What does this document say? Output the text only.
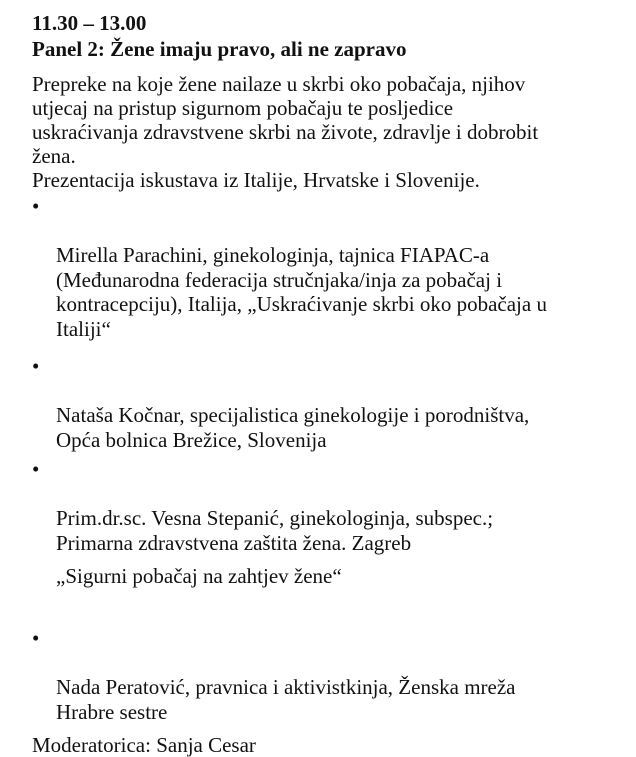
11.30 – 13.00

Panel 2: Žene imaju pravo, ali ne zapravo

Prepreke na koje žene nailaze u skrbi oko pobačaja, njihov
utjecaj na pristup sigurnom pobačaju te posljedice
uskraćivanja zdravstvene skrbi na živote, zdravlje i dobrobit
žena.

Prezentacija iskustava iz Italije, Hrvatske i Slovenije.

•

Mirella Parachini, ginekologinja, tajnica FIAPAC-a
(Međunarodna federacija stručnjaka/inja za pobačaj i
kontracepciju), Italija, „Uskraćivanje skrbi oko pobačaja u
Italiji“

•

Nataša Kočnar, specijalistica ginekologije i porodništva,
Opća bolnica Brežice, Slovenija

•

Prim.dr.sc. Vesna Stepanić, ginekologinja, subspec.;
Primarna zdravstvena zaštita žena. Zagreb

„Sigurni pobačaj na zahtjev žene“

•

Nada Peratović, pravnica i aktivistkinja, Ženska mreža
Hrabre sestre

Moderatorica: Sanja Cesar
